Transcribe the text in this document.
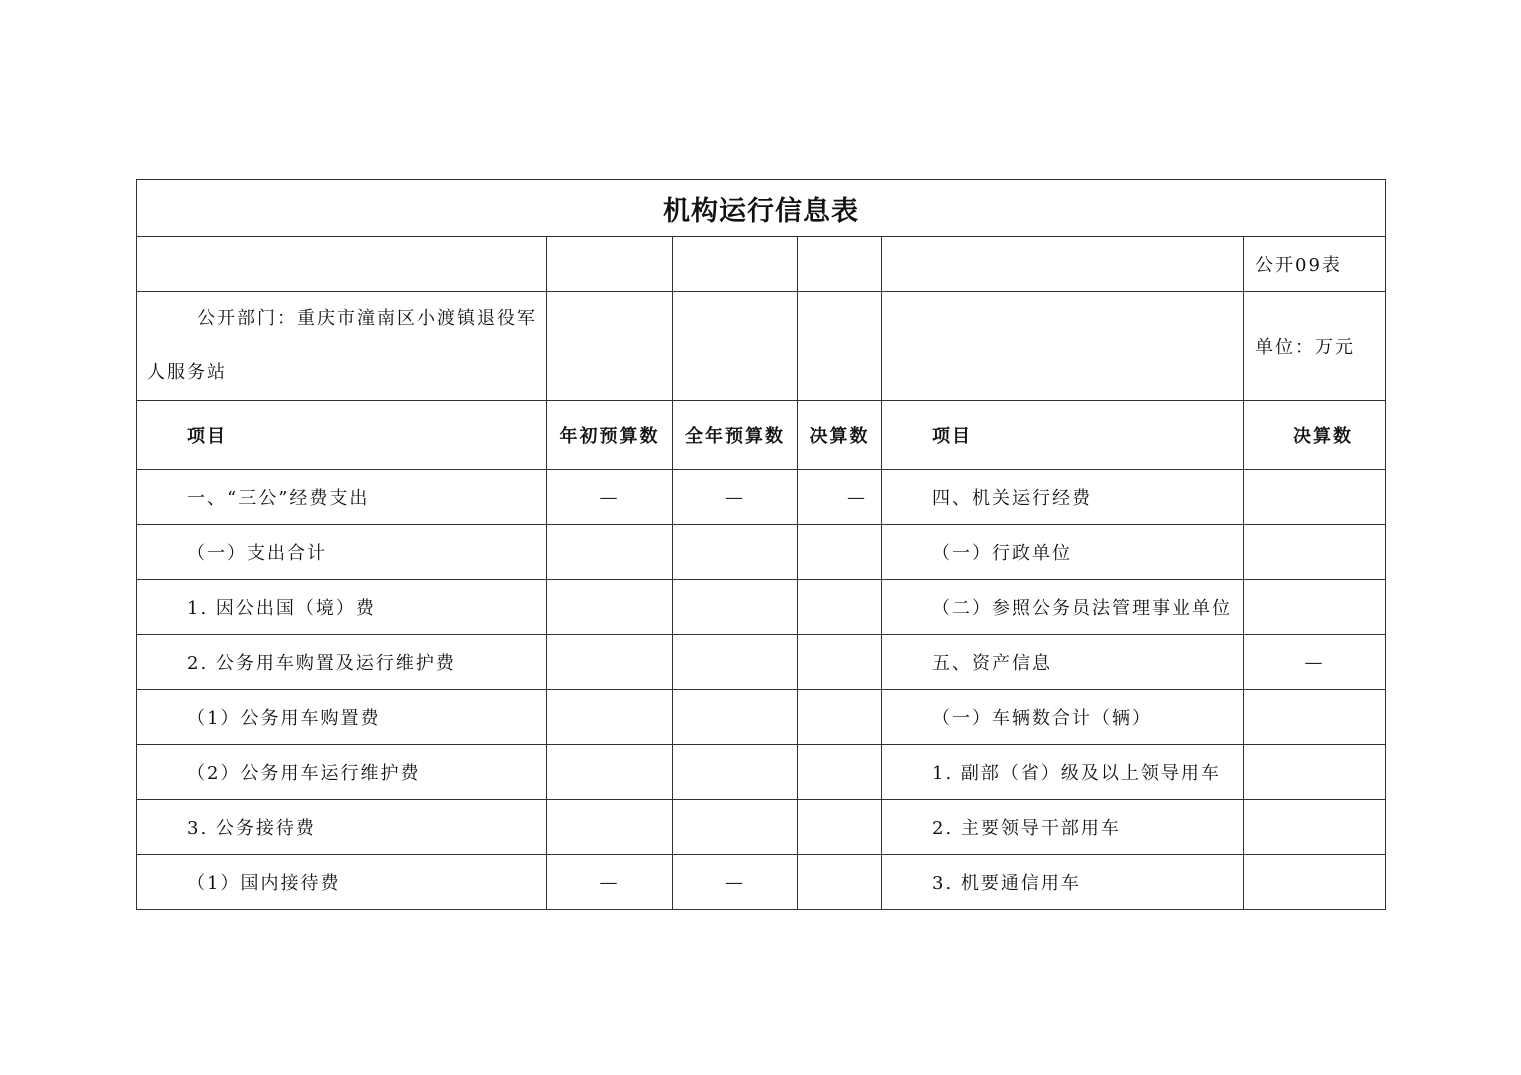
机构运行信息表					
					公开09表
公开部门：重庆市潼南区小渡镇退役军人服务站					单位：万元
项目	年初预算数	全年预算数	决算数	项目	决算数
一、“三公”经费支出	—	—	—	四、机关运行经费	
（一）支出合计				（一）行政单位	
1. 因公出国（境）费				（二）参照公务员法管理事业单位	
2. 公务用车购置及运行维护费				五、资产信息	—
（1）公务用车购置费				（一）车辆数合计（辆）	
（2）公务用车运行维护费				1. 副部（省）级及以上领导用车	
3. 公务接待费				2. 主要领导干部用车	
（1）国内接待费	—	—		3. 机要通信用车	
